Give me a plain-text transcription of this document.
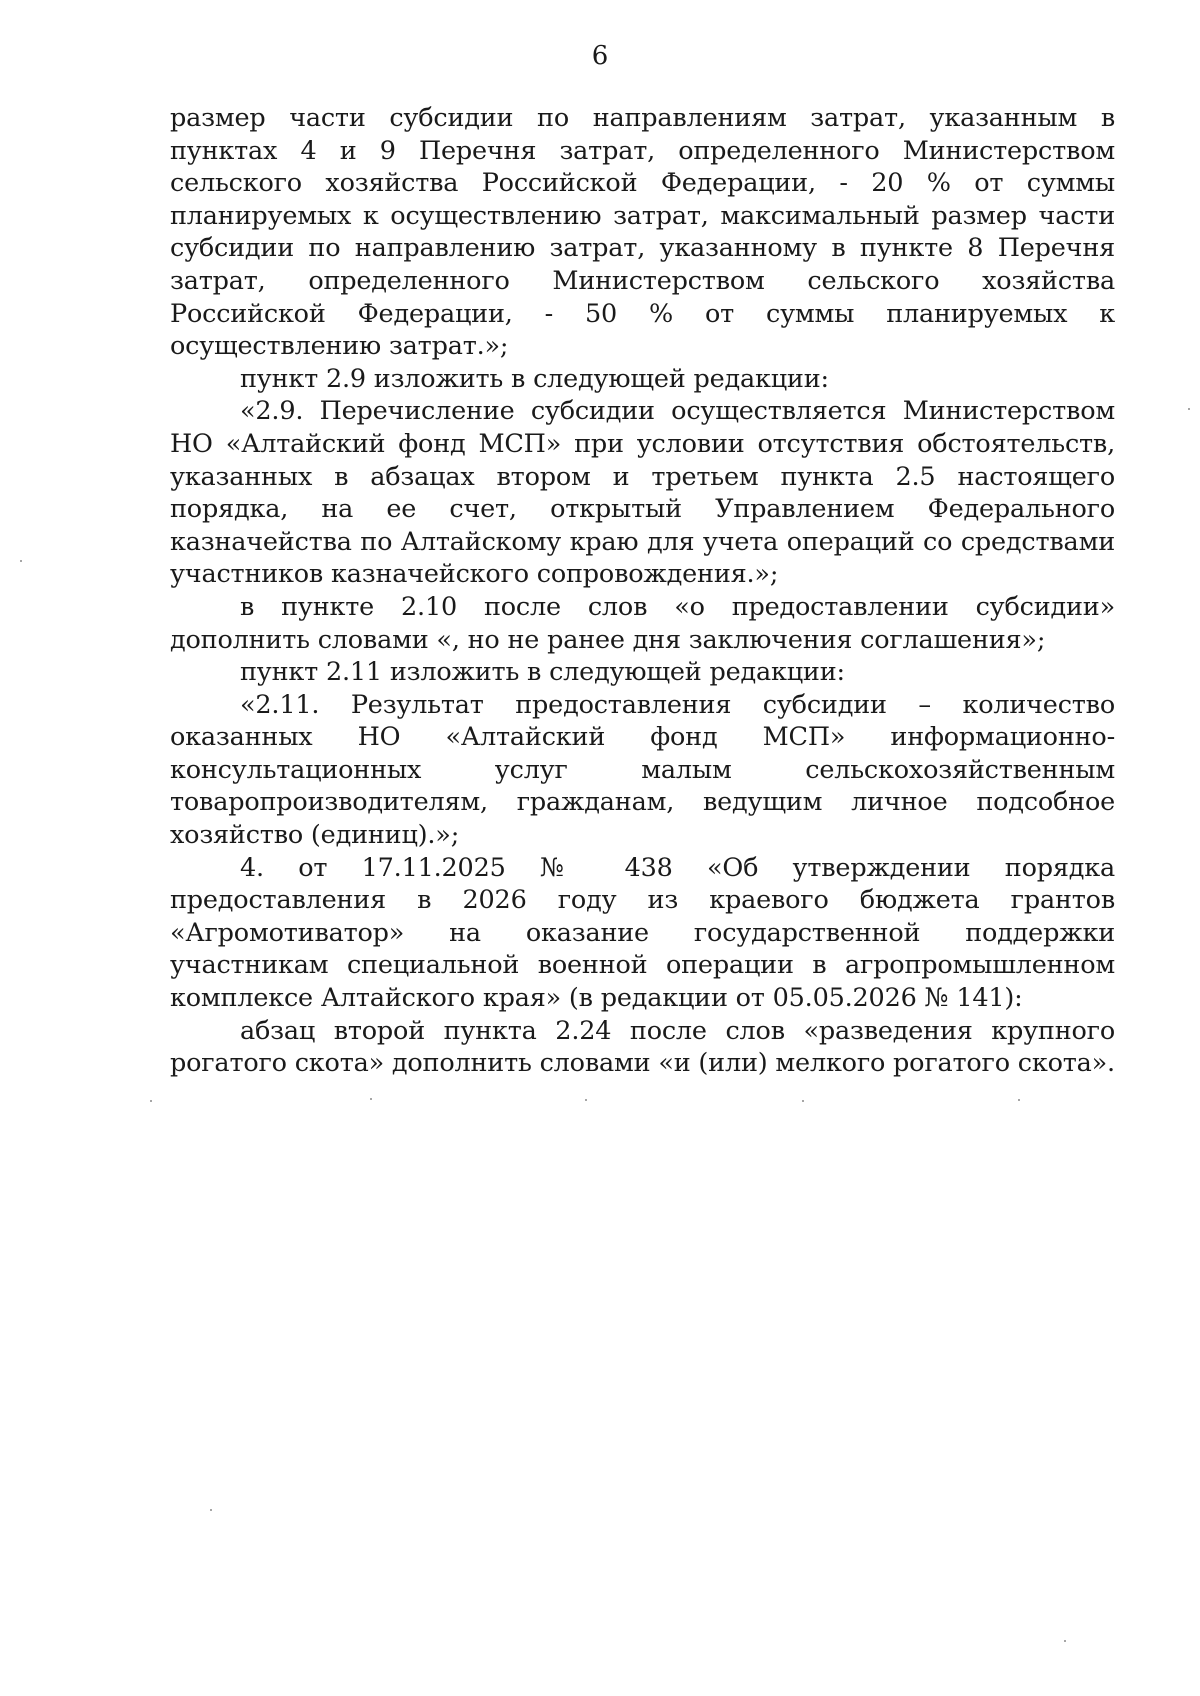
6

размер части субсидии по направлениям затрат, указанным в пунктах 4 и 9 Перечня затрат, определенного Министерством сельского хозяйства Российской Федерации, - 20 % от суммы планируемых к осуществлению затрат, максимальный размер части субсидии по направлению затрат, указанному в пункте 8 Перечня затрат, определенного Министерством сельского хозяйства Российской Федерации, - 50 % от суммы планируемых к осуществлению затрат.»;

пункт 2.9 изложить в следующей редакции:

«2.9. Перечисление субсидии осуществляется Министерством НО «Алтайский фонд МСП» при условии отсутствия обстоятельств, указанных в абзацах втором и третьем пункта 2.5 настоящего порядка, на ее счет, открытый Управлением Федерального казначейства по Алтайскому краю для учета операций со средствами участников казначейского сопровождения.»;

в пункте 2.10 после слов «о предоставлении субсидии» дополнить словами «, но не ранее дня заключения соглашения»;

пункт 2.11 изложить в следующей редакции:

«2.11. Результат предоставления субсидии – количество оказанных НО «Алтайский фонд МСП» информационно-консультационных услуг малым сельскохозяйственным товаропроизводителям, гражданам, ведущим личное подсобное хозяйство (единиц).»;

4. от 17.11.2025 № 438 «Об утверждении порядка предоставления в 2026 году из краевого бюджета грантов «Агромотиватор» на оказание государственной поддержки участникам специальной военной операции в агропромышленном комплексе Алтайского края» (в редакции от 05.05.2026 № 141):

абзац второй пункта 2.24 после слов «разведения крупного рогатого скота» дополнить словами «и (или) мелкого рогатого скота».
